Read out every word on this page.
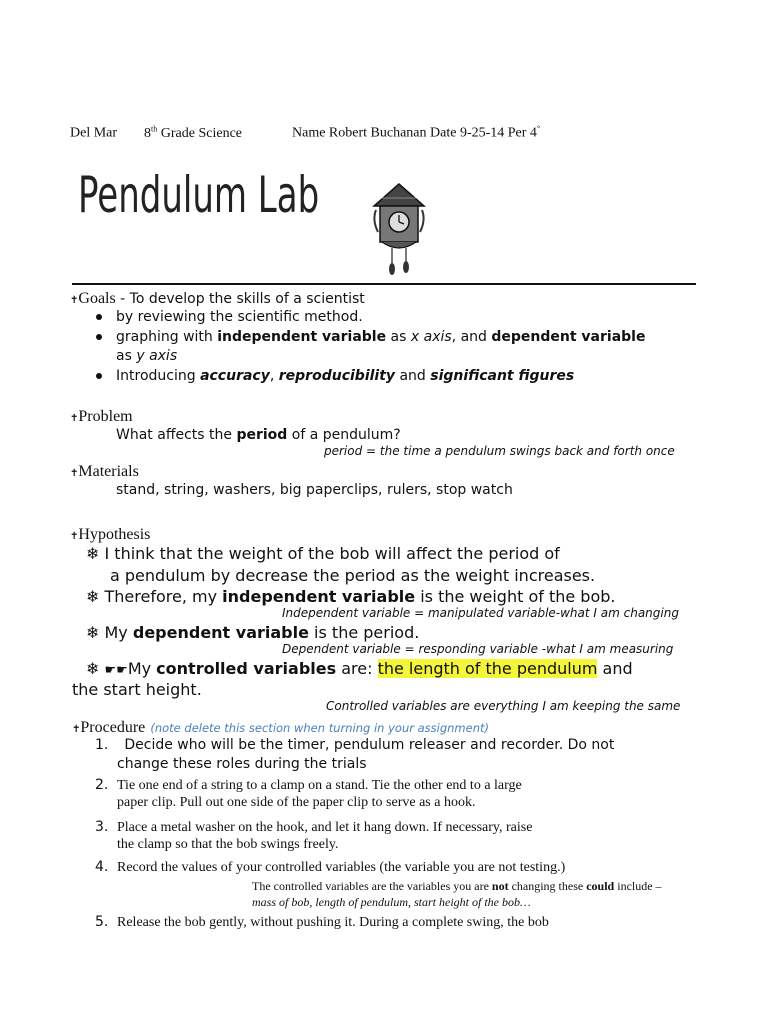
Del Mar 8th Grade Science	Name Robert Buchanan Date 9-25-14 Per 4°
Pendulum Lab
✝Goals - To develop the skills of a scientist
by reviewing the scientific method.
graphing with independent variable as x axis, and dependent variable
as y axis
Introducing accuracy, reproducibility and significant figures
✝Problem
What affects the period of a pendulum?
period = the time a pendulum swings back and forth once
✝Materials
stand, string, washers, big paperclips, rulers, stop watch
✝Hypothesis
❄ I think that the weight of the bob will affect the period of
a pendulum by decrease the period as the weight increases.
❄ Therefore, my independent variable is the weight of the bob.
Independent variable = manipulated variable-what I am changing
❄ My dependent variable is the period.
Dependent variable = responding variable -what I am measuring
❄ ☛☛My controlled variables are: the length of the pendulum and
the start height.
Controlled variables are everything I am keeping the same
✝Procedure (note delete this section when turning in your assignment)
1. Decide who will be the timer, pendulum releaser and recorder. Do not
change these roles during the trials
2. Tie one end of a string to a clamp on a stand. Tie the other end to a large
paper clip. Pull out one side of the paper clip to serve as a hook.
3. Place a metal washer on the hook, and let it hang down. If necessary, raise
the clamp so that the bob swings freely.
4. Record the values of your controlled variables (the variable you are not testing.)
The controlled variables are the variables you are not changing these could include –
mass of bob, length of pendulum, start height of the bob…
5. Release the bob gently, without pushing it. During a complete swing, the bob
